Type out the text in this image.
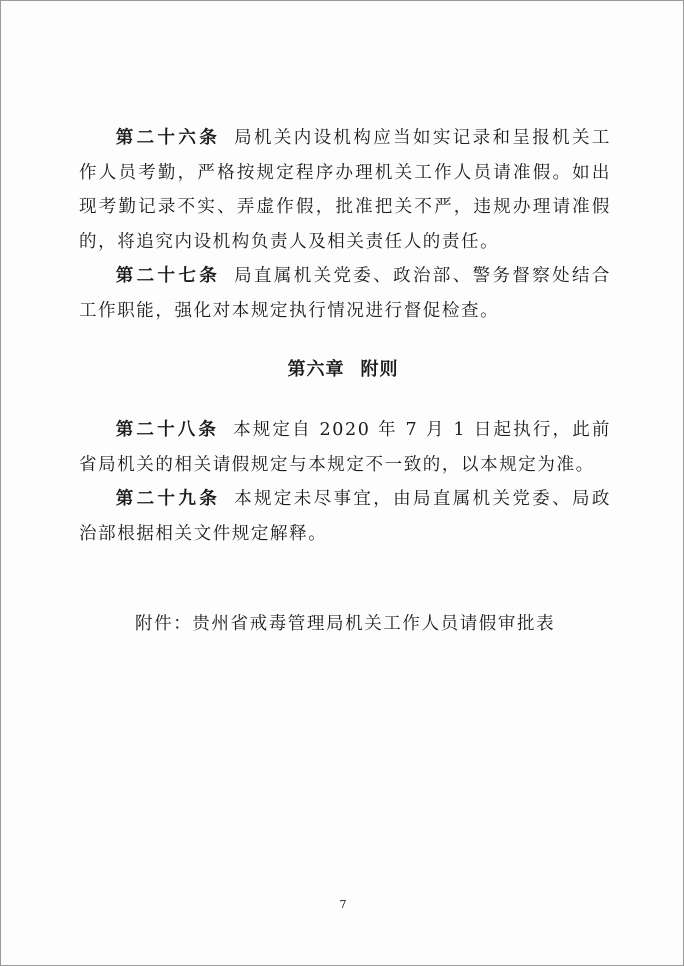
第二十六条 局机关内设机构应当如实记录和呈报机关工作人员考勤，严格按规定程序办理机关工作人员请准假。如出现考勤记录不实、弄虚作假，批准把关不严，违规办理请准假的，将追究内设机构负责人及相关责任人的责任。

第二十七条 局直属机关党委、政治部、警务督察处结合工作职能，强化对本规定执行情况进行督促检查。

第六章 附则

第二十八条 本规定自 2020 年 7 月 1 日起执行，此前省局机关的相关请假规定与本规定不一致的，以本规定为准。

第二十九条 本规定未尽事宜，由局直属机关党委、局政治部根据相关文件规定解释。

附件：贵州省戒毒管理局机关工作人员请假审批表
7
